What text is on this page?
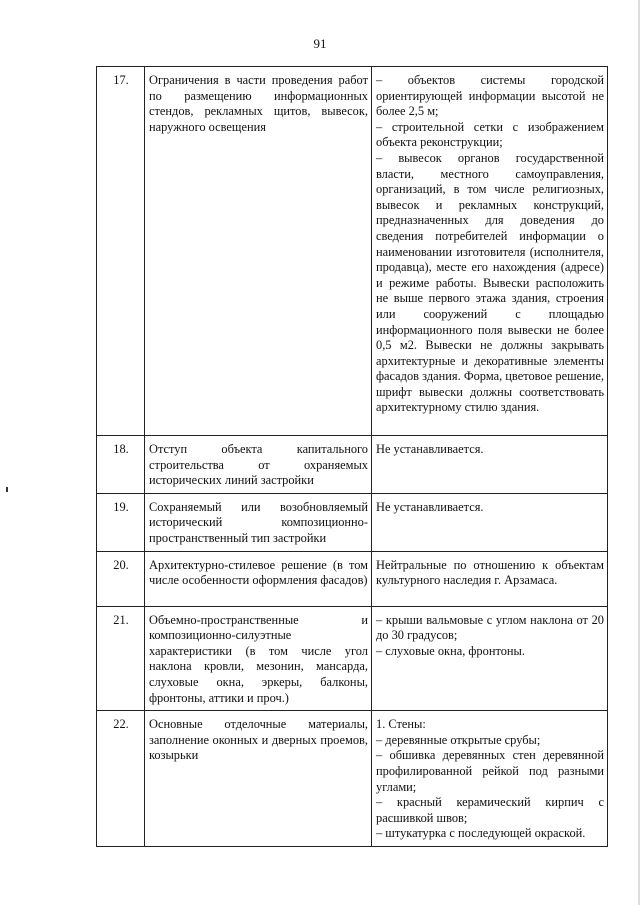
91
17.	Ограничения в части проведения работ по размещению информационных стендов, рекламных щитов, вывесок, наружного освещения	– объектов системы городской ориентирующей информации высотой не более 2,5 м;
– строительной сетки с изображением объекта реконструкции;
– вывесок органов государственной власти, местного самоуправления, организаций, в том числе религиозных, вывесок и рекламных конструкций, предназначенных для доведения до сведения потребителей информации о наименовании изготовителя (исполнителя, продавца), месте его нахождения (адресе) и режиме работы. Вывески расположить не выше первого этажа здания, строения или сооружений с площадью информационного поля вывески не более 0,5 м2. Вывески не должны закрывать архитектурные и декоративные элементы фасадов здания. Форма, цветовое решение, шрифт вывески должны соответствовать архитектурному стилю здания.

18.	Отступ объекта капитального строительства от охраняемых исторических линий застройки	Не устанавливается.

19.	Сохраняемый или возобновляемый исторический композиционно-пространственный тип застройки	Не устанавливается.

20.	Архитектурно-стилевое решение (в том числе особенности оформления фасадов)	Нейтральные по отношению к объектам культурного наследия г. Арзамаса.

21.	Объемно-пространственные и композиционно-силуэтные характеристики (в том числе угол наклона кровли, мезонин, мансарда, слуховые окна, эркеры, балконы, фронтоны, аттики и проч.)	– крыши вальмовые с углом наклона от 20 до 30 градусов;
– слуховые окна, фронтоны.

22.	Основные отделочные материалы, заполнение оконных и дверных проемов, козырьки	1. Стены:
– деревянные открытые срубы;
– обшивка деревянных стен деревянной профилированной рейкой под разными углами;
– красный керамический кирпич с расшивкой швов;
– штукатурка с последующей окраской.
